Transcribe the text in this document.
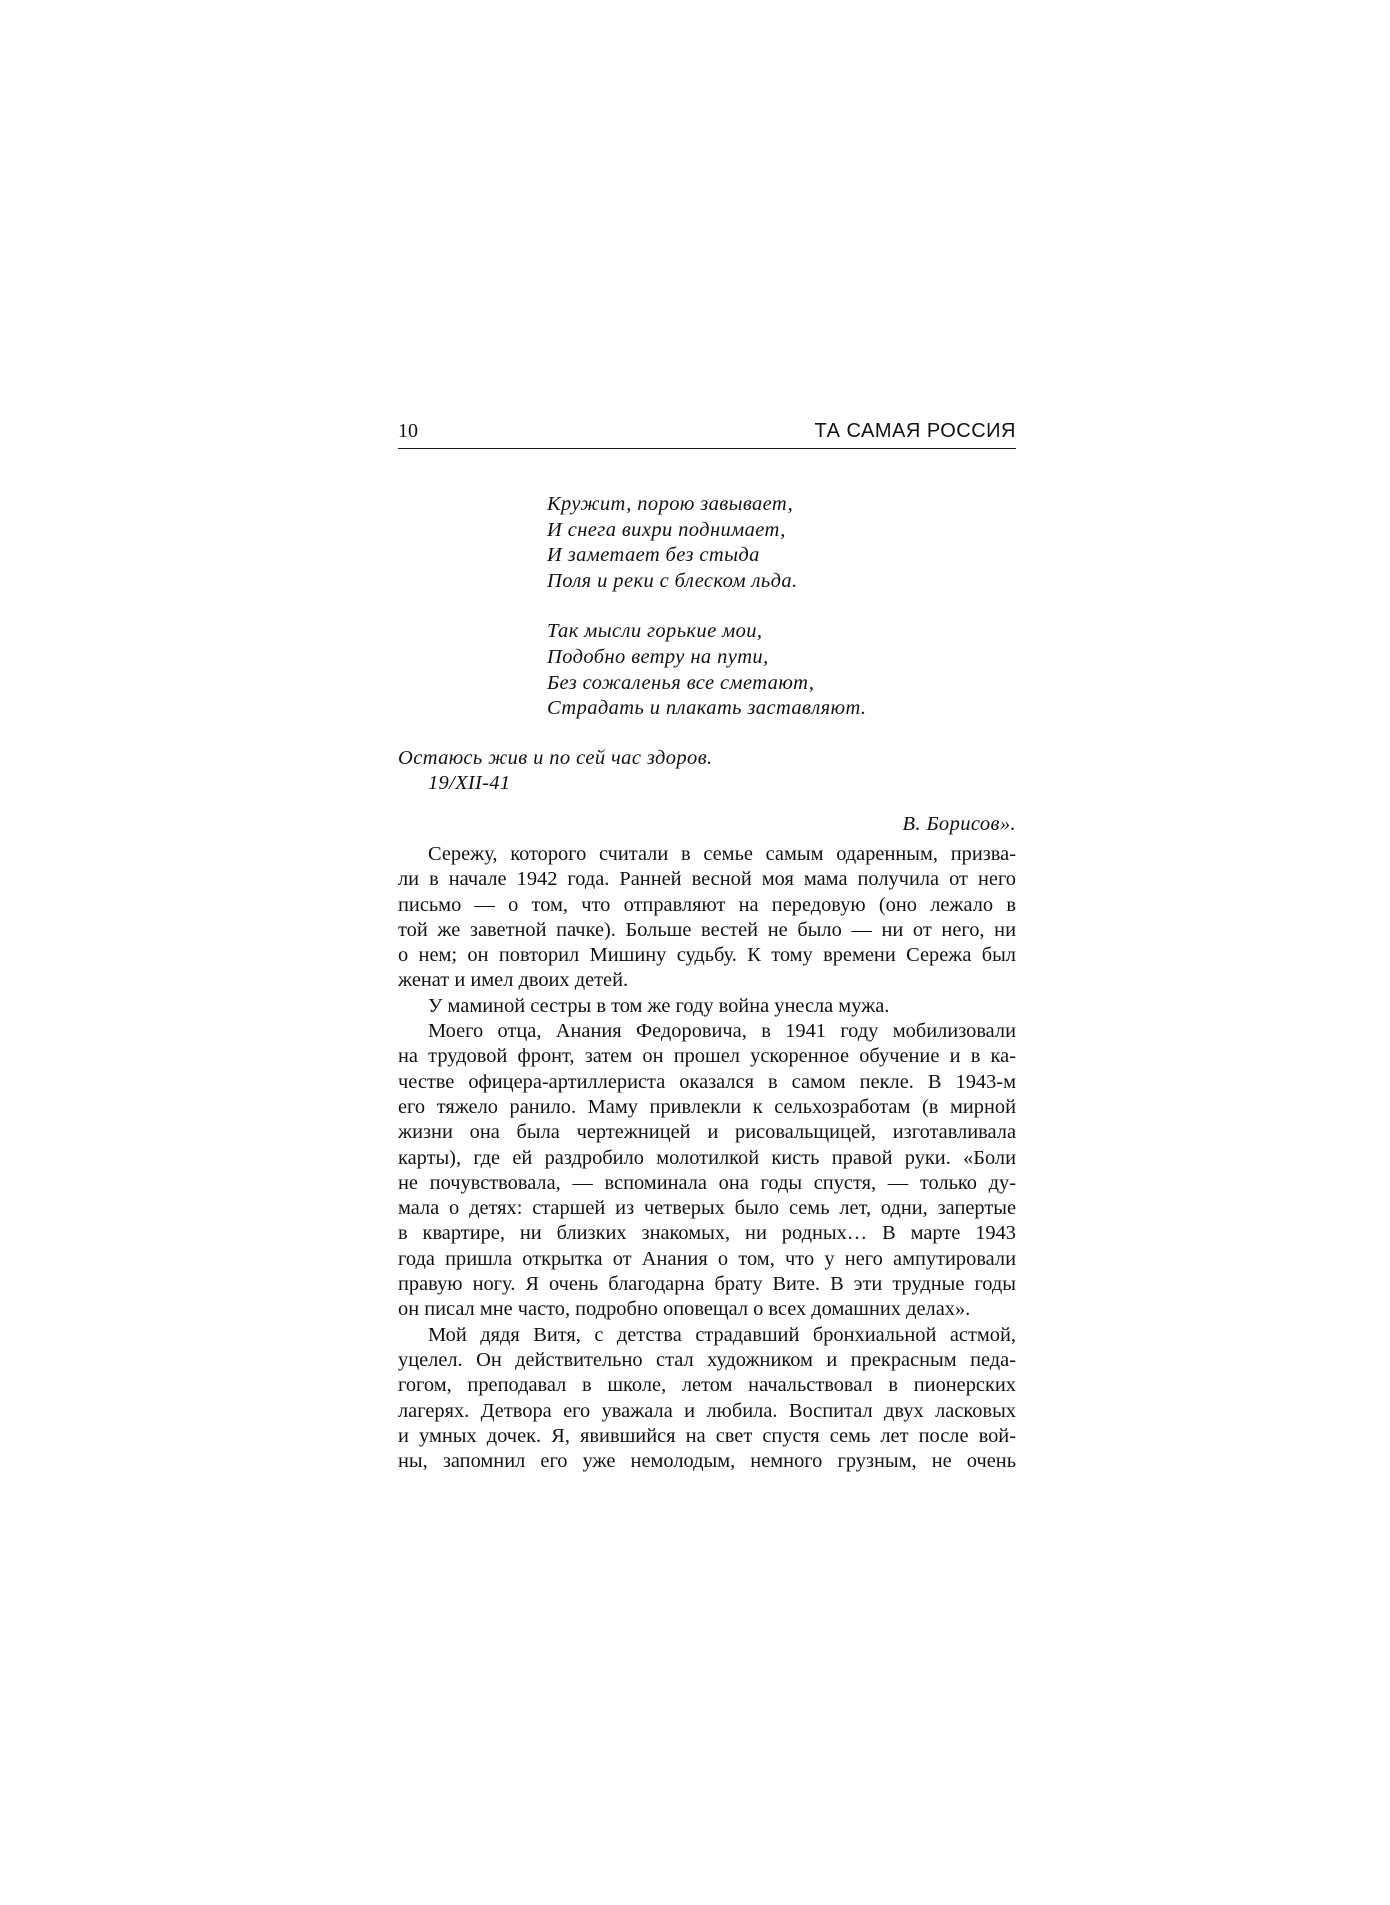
10	ТА САМАЯ РОССИЯ

Кружит, порою завывает,
И снега вихри поднимает,
И заметает без стыда
Поля и реки с блеском льда.

Так мысли горькие мои,
Подобно ветру на пути,
Без сожаленья все сметают,
Страдать и плакать заставляют.

Остаюсь жив и по сей час здоров.
19/XII-41
В. Борисов».

Сережу, которого считали в семье самым одаренным, призва-
ли в начале 1942 года. Ранней весной моя мама получила от него
письмо — о том, что отправляют на передовую (оно лежало в
той же заветной пачке). Больше вестей не было — ни от него, ни
о нем; он повторил Мишину судьбу. К тому времени Сережа был
женат и имел двоих детей.

У маминой сестры в том же году война унесла мужа.

Моего отца, Анания Федоровича, в 1941 году мобилизовали
на трудовой фронт, затем он прошел ускоренное обучение и в ка-
честве офицера-артиллериста оказался в самом пекле. В 1943-м
его тяжело ранило. Маму привлекли к сельхозработам (в мирной
жизни она была чертежницей и рисовальщицей, изготавливала
карты), где ей раздробило молотилкой кисть правой руки. «Боли
не почувствовала, — вспоминала она годы спустя, — только ду-
мала о детях: старшей из четверых было семь лет, одни, запертые
в квартире, ни близких знакомых, ни родных… В марте 1943
года пришла открытка от Анания о том, что у него ампутировали
правую ногу. Я очень благодарна брату Вите. В эти трудные годы
он писал мне часто, подробно оповещал о всех домашних делах».

Мой дядя Витя, с детства страдавший бронхиальной астмой,
уцелел. Он действительно стал художником и прекрасным педа-
гогом, преподавал в школе, летом начальствовал в пионерских
лагерях. Детвора его уважала и любила. Воспитал двух ласковых
и умных дочек. Я, явившийся на свет спустя семь лет после вой-
ны, запомнил его уже немолодым, немного грузным, не очень
